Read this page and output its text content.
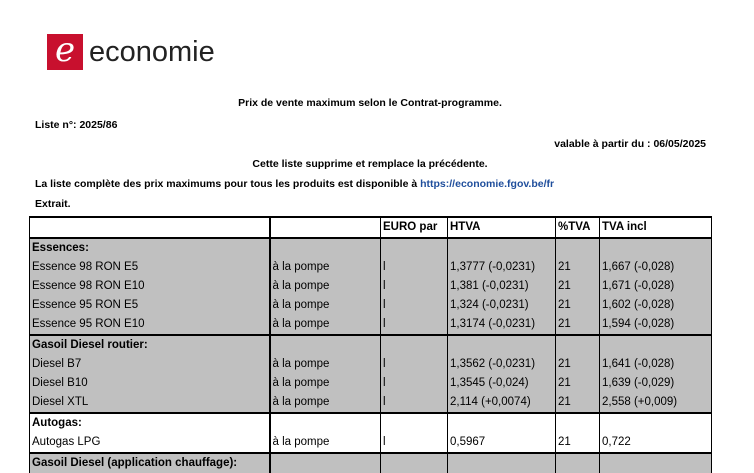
e economie
Prix de vente maximum selon le Contrat-programme.
Liste n°: 2025/86
valable à partir du : 06/05/2025
Cette liste supprime et remplace la précédente.
La liste complète des prix maximums pour tous les produits est disponible à https://economie.fgov.be/fr
Extrait.
		EURO par	HTVA	%TVA	TVA incl
Essences:					
Essence 98 RON E5	à la pompe	l	1,3777 (-0,0231)	21	1,667 (-0,028)
Essence 98 RON E10	à la pompe	l	1,381 (-0,0231)	21	1,671 (-0,028)
Essence 95 RON E5	à la pompe	l	1,324 (-0,0231)	21	1,602 (-0,028)
Essence 95 RON E10	à la pompe	l	1,3174 (-0,0231)	21	1,594 (-0,028)
Gasoil Diesel routier:					
Diesel B7	à la pompe	l	1,3562 (-0,0231)	21	1,641 (-0,028)
Diesel B10	à la pompe	l	1,3545 (-0,024)	21	1,639 (-0,029)
Diesel XTL	à la pompe	l	2,114 (+0,0074)	21	2,558 (+0,009)
Autogas:					
Autogas LPG	à la pompe	l	0,5967	21	0,722
Gasoil Diesel (application chauffage):					
